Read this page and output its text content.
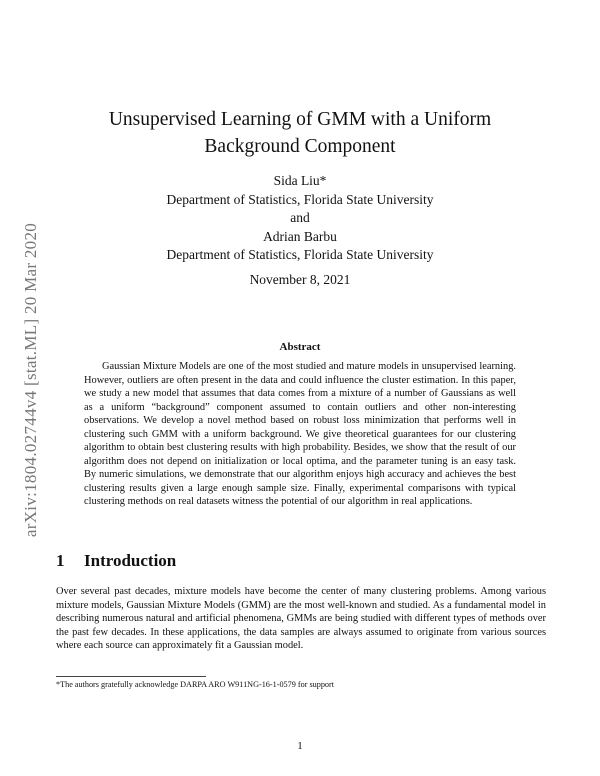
arXiv:1804.02744v4 [stat.ML] 20 Mar 2020
Unsupervised Learning of GMM with a Uniform
Background Component
Sida Liu*
Department of Statistics, Florida State University
and
Adrian Barbu
Department of Statistics, Florida State University
November 8, 2021
Abstract

Gaussian Mixture Models are one of the most studied and mature models in unsupervised learning. However, outliers are often present in the data and could influence the cluster estimation. In this paper, we study a new model that assumes that data comes from a mixture of a number of Gaussians as well as a uniform “background” component assumed to contain outliers and other non-interesting observations. We develop a novel method based on robust loss minimization that performs well in clustering such GMM with a uniform background. We give theoretical guarantees for our clustering algorithm to obtain best clustering results with high probability. Besides, we show that the result of our algorithm does not depend on initialization or local optima, and the parameter tuning is an easy task. By numeric simulations, we demonstrate that our algorithm enjoys high accuracy and achieves the best clustering results given a large enough sample size. Finally, experimental comparisons with typical clustering methods on real datasets witness the potential of our algorithm in real applications.

1 Introduction

Over several past decades, mixture models have become the center of many clustering problems. Among various mixture models, Gaussian Mixture Models (GMM) are the most well-known and studied. As a fundamental model in describing numerous natural and artificial phenomena, GMMs are being studied with different types of methods over the past few decades. In these applications, the data samples are always assumed to originate from various sources where each source can approximately fit a Gaussian model.

*The authors gratefully acknowledge DARPA ARO W911NG-16-1-0579 for support
1
